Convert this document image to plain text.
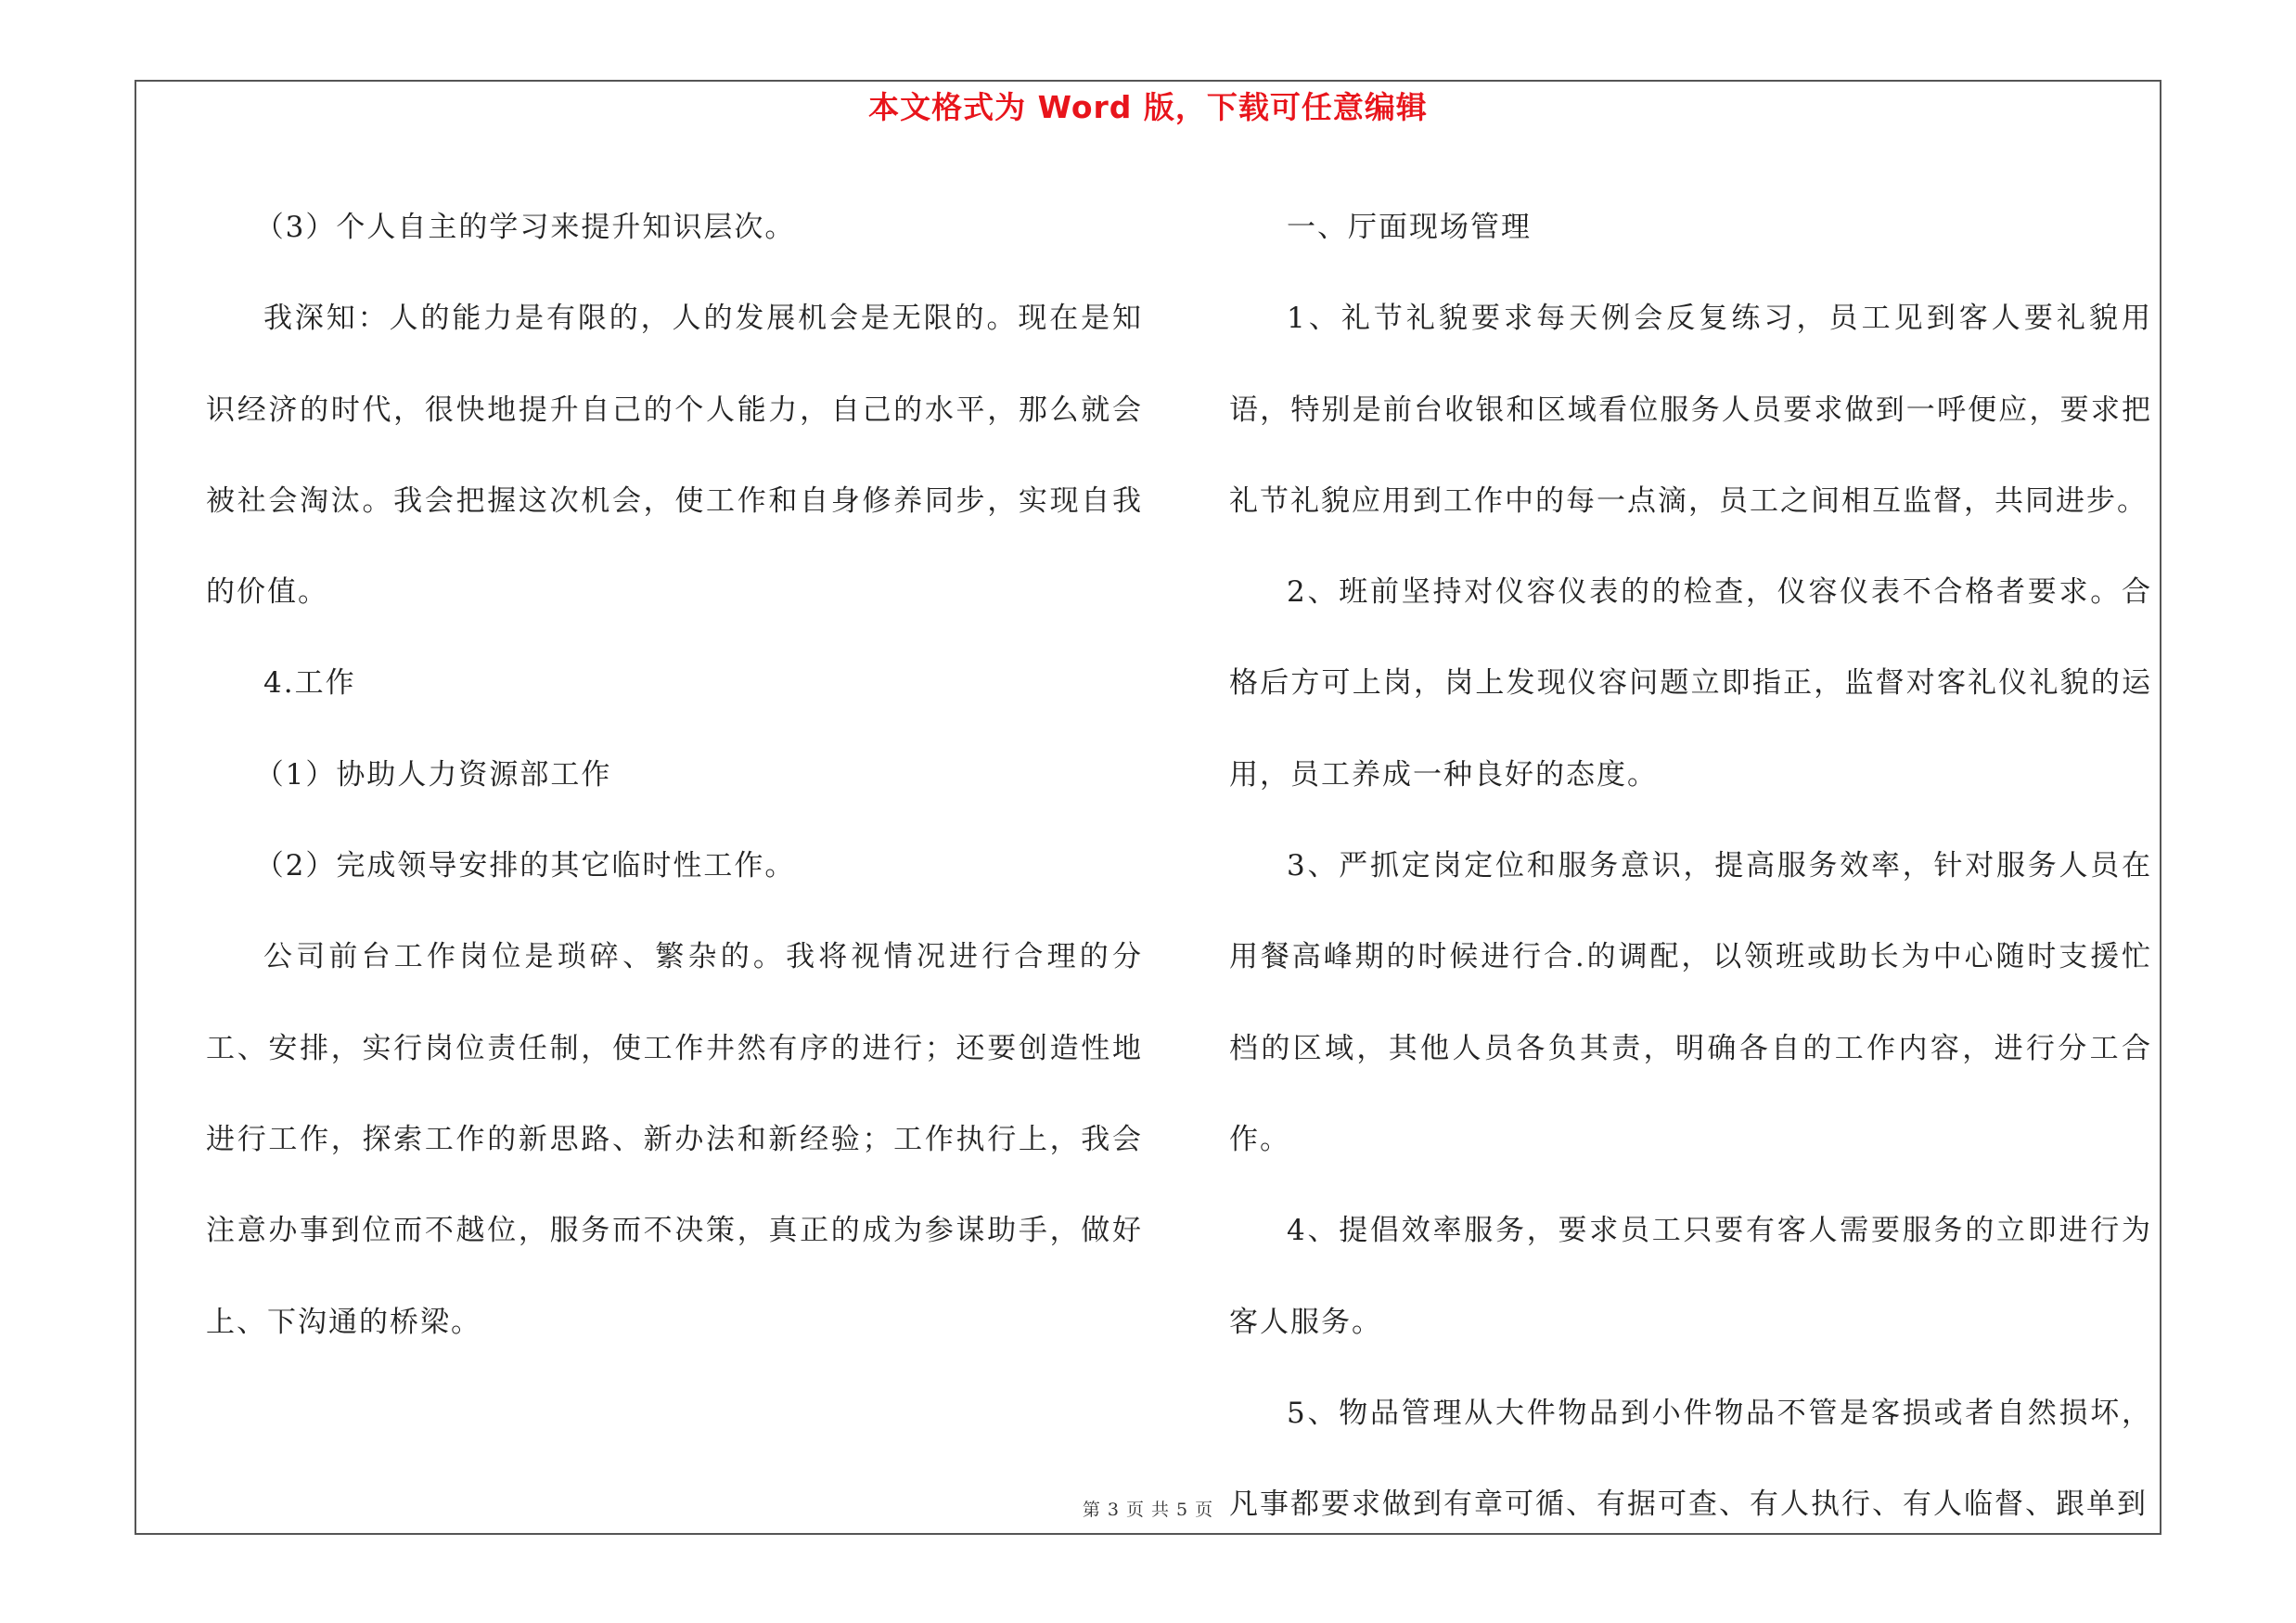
本文格式为 Word 版，下载可任意编辑

（3）个人自主的学习来提升知识层次。

我深知：人的能力是有限的，人的发展机会是无限的。现在是知识经济的时代，很快地提升自己的个人能力，自己的水平，那么就会被社会淘汰。我会把握这次机会，使工作和自身修养同步，实现自我的价值。

4.工作

（1）协助人力资源部工作

（2）完成领导安排的其它临时性工作。

公司前台工作岗位是琐碎、繁杂的。我将视情况进行合理的分工、安排，实行岗位责任制，使工作井然有序的进行；还要创造性地进行工作，探索工作的新思路、新办法和新经验；工作执行上，我会注意办事到位而不越位，服务而不决策，真正的成为参谋助手，做好上、下沟通的桥梁。

一、厅面现场管理

1、礼节礼貌要求每天例会反复练习，员工见到客人要礼貌用语，特别是前台收银和区域看位服务人员要求做到一呼便应，要求把礼节礼貌应用到工作中的每一点滴，员工之间相互监督，共同进步。

2、班前坚持对仪容仪表的的检查，仪容仪表不合格者要求。合格后方可上岗，岗上发现仪容问题立即指正，监督对客礼仪礼貌的运用，员工养成一种良好的态度。

3、严抓定岗定位和服务意识，提高服务效率，针对服务人员在用餐高峰期的时候进行合.的调配，以领班或助长为中心随时支援忙档的区域，其他人员各负其责，明确各自的工作内容，进行分工合作。

4、提倡效率服务，要求员工只要有客人需要服务的立即进行为客人服务。

5、物品管理从大件物品到小件物品不管是客损或者自然损坏，凡事都要求做到有章可循、有据可查、有人执行、有人临督、跟单到

第 3 页 共 5 页
